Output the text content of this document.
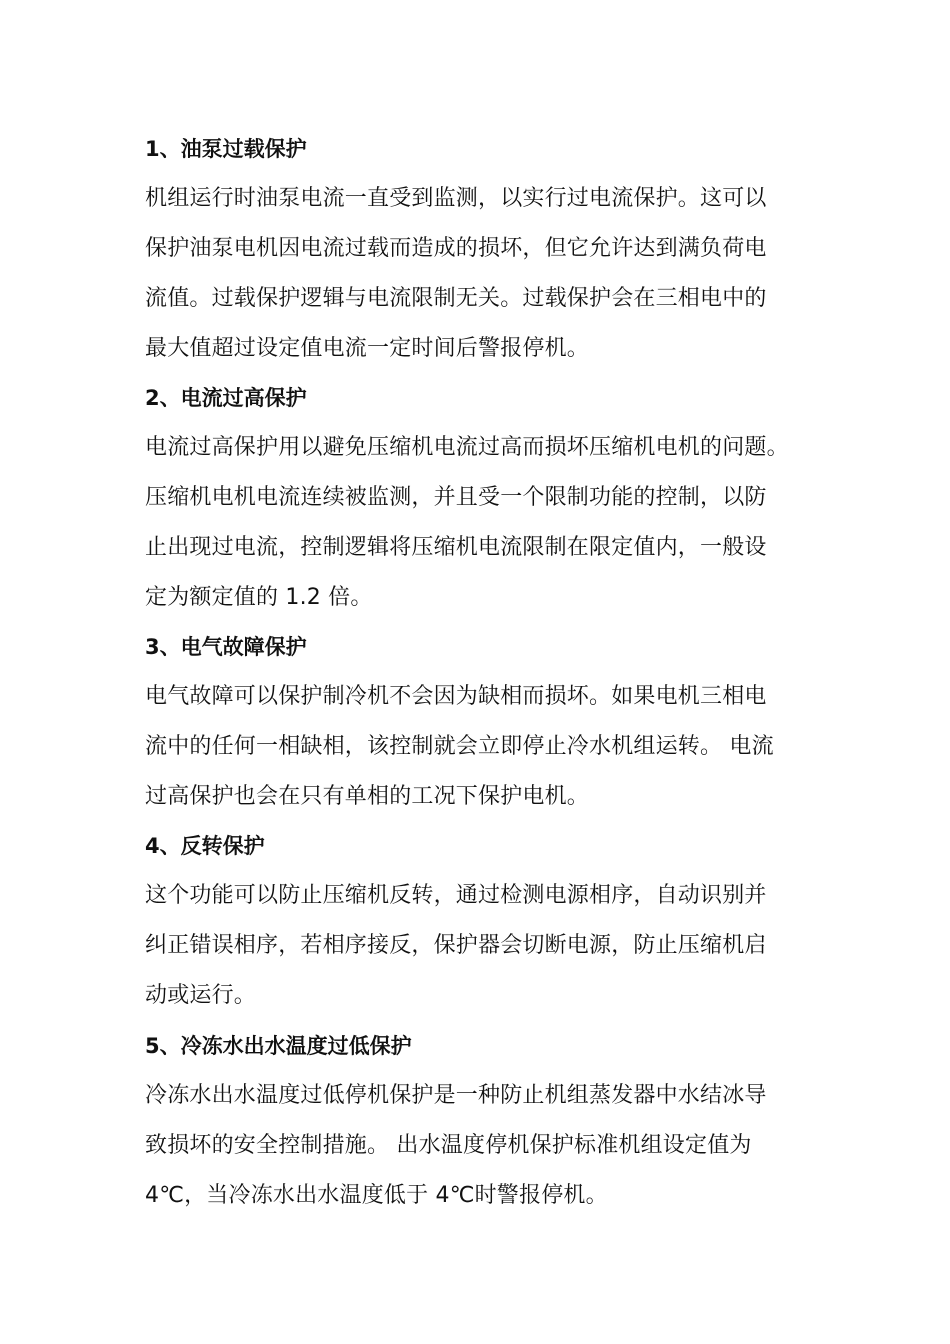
1、油泵过载保护
机组运行时油泵电流一直受到监测，以实行过电流保护。这可以
保护油泵电机因电流过载而造成的损坏，但它允许达到满负荷电
流值。过载保护逻辑与电流限制无关。过载保护会在三相电中的
最大值超过设定值电流一定时间后警报停机。
2、电流过高保护
电流过高保护用以避免压缩机电流过高而损坏压缩机电机的问题。
压缩机电机电流连续被监测，并且受一个限制功能的控制，以防
止出现过电流，控制逻辑将压缩机电流限制在限定值内，一般设
定为额定值的 1.2 倍。
3、电气故障保护
电气故障可以保护制冷机不会因为缺相而损坏。如果电机三相电
流中的任何一相缺相，该控制就会立即停止冷水机组运转。 电流
过高保护也会在只有单相的工况下保护电机。
4、反转保护
这个功能可以防止压缩机反转，通过检测电源相序，自动识别并
纠正错误相序，若相序接反，保护器会切断电源，防止压缩机启
动或运行。
5、冷冻水出水温度过低保护
冷冻水出水温度过低停机保护是一种防止机组蒸发器中水结冰导
致损坏的安全控制措施。 出水温度停机保护标准机组设定值为
4℃，当冷冻水出水温度低于 4℃时警报停机。
